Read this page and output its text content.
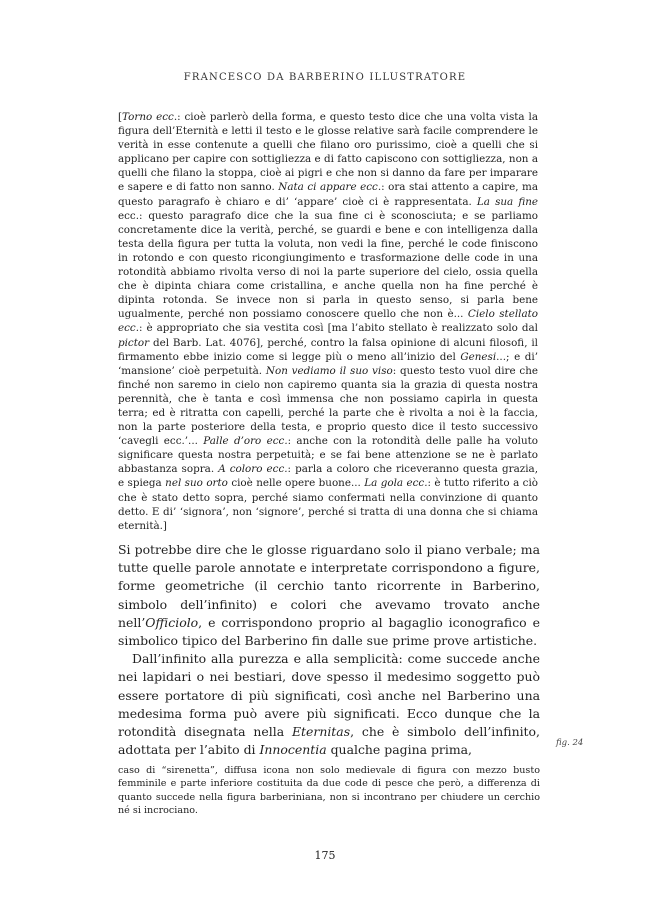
FRANCESCO DA BARBERINO ILLUSTRATORE

[Torno ecc.: cioè parlerò della forma, e questo testo dice che una volta vista la figura dell’Eternità e letti il testo e le glosse relative sarà facile comprendere le verità in esse contenute a quelli che filano oro purissimo, cioè a quelli che si applicano per capire con sottigliezza e di fatto capiscono con sottigliezza, non a quelli che filano la stoppa, cioè ai pigri e che non si danno da fare per imparare e sapere e di fatto non sanno. Nata ci appare ecc.: ora stai attento a capire, ma questo paragrafo è chiaro e di’ ‘appare’ cioè ci è rappresentata. La sua fine ecc.: questo paragrafo dice che la sua fine ci è sconosciuta; e se parliamo concretamente dice la verità, perché, se guardi e bene e con intelligenza dalla testa della figura per tutta la voluta, non vedi la fine, perché le code finiscono in rotondo e con questo ricongiungimento e trasformazione delle code in una rotondità abbiamo rivolta verso di noi la parte superiore del cielo, ossia quella che è dipinta chiara come cristallina, e anche quella non ha fine perché è dipinta rotonda. Se invece non si parla in questo senso, si parla bene ugualmente, perché non possiamo conoscere quello che non è... Cielo stellato ecc.: è appropriato che sia vestita così [ma l’abito stellato è realizzato solo dal pictor del Barb. Lat. 4076], perché, contro la falsa opinione di alcuni filosofi, il firmamento ebbe inizio come si legge più o meno all’inizio del Genesi...; e di’ ‘mansione’ cioè perpetuità. Non vediamo il suo viso: questo testo vuol dire che finché non saremo in cielo non capiremo quanta sia la grazia di questa nostra perennità, che è tanta e così immensa che non possiamo capirla in questa terra; ed è ritratta con capelli, perché la parte che è rivolta a noi è la faccia, non la parte posteriore della testa, e proprio questo dice il testo successivo ‘cavegli ecc.’... Palle d’oro ecc.: anche con la rotondità delle palle ha voluto significare questa nostra perpetuità; e se fai bene attenzione se ne è parlato abbastanza sopra. A coloro ecc.: parla a coloro che riceveranno questa grazia, e spiega nel suo orto cioè nelle opere buone... La gola ecc.: è tutto riferito a ciò che è stato detto sopra, perché siamo confermati nella convinzione di quanto detto. E di’ ‘signora’, non ‘signore’, perché si tratta di una donna che si chiama eternità.]

Si potrebbe dire che le glosse riguardano solo il piano verbale; ma tutte quelle parole annotate e interpretate corrispondono a figure, forme geometriche (il cerchio tanto ricorrente in Barberino, simbolo dell’infinito) e colori che avevamo trovato anche nell’Officiolo, e corrispondono proprio al bagaglio iconografico e simbolico tipico del Barberino fin dalle sue prime prove artistiche.

Dall’infinito alla purezza e alla semplicità: come succede anche nei lapidari o nei bestiari, dove spesso il medesimo soggetto può essere portatore di più significati, così anche nel Barberino una medesima forma può avere più significati. Ecco dunque che la rotondità disegnata nella Eternitas, che è simbolo dell’infinito, adottata per l’abito di Innocentia qualche pagina prima,	fig. 24
caso di “sirenetta”, diffusa icona non solo medievale di figura con mezzo busto femminile e parte inferiore costituita da due code di pesce che però, a differenza di quanto succede nella figura barberiniana, non si incontrano per chiudere un cerchio né si incrociano.
175
